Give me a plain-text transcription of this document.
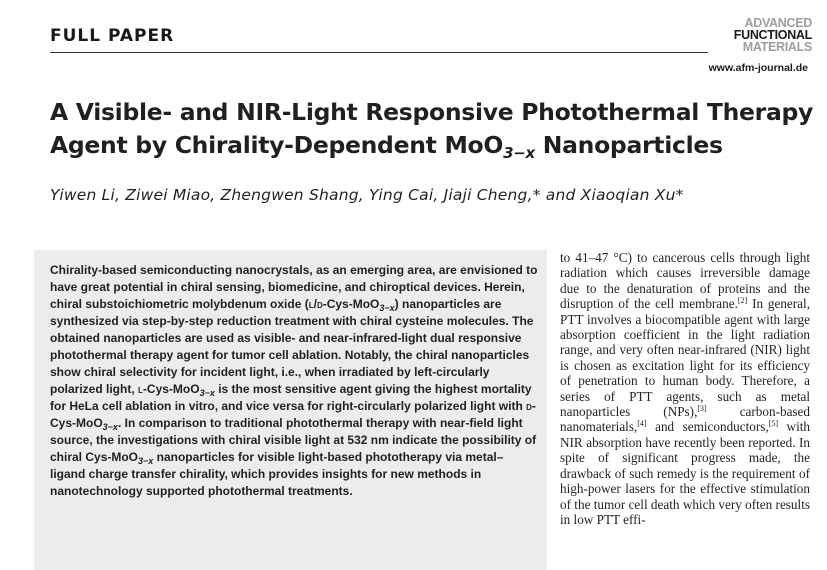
FULL PAPER
ADVANCED
FUNCTIONAL
MATERIALS
www.afm-journal.de
A Visible- and NIR-Light Responsive Photothermal Therapy
Agent by Chirality-Dependent MoO$_{3-x}$ Nanoparticles
Yiwen Li, Ziwei Miao, Zhengwen Shang, Ying Cai, Jiaji Cheng,* and Xiaoqian Xu*

Chirality-based semiconducting nanocrystals, as an emerging area, are envisioned to have great potential in chiral sensing, biomedicine, and chiroptical devices. Herein, chiral substoichiometric molybdenum oxide (l/d-Cys-MoO$_{3-x}$) nanoparticles are synthesized via step-by-step reduction treatment with chiral cysteine molecules. The obtained nanoparticles are used as visible- and near-infrared-light dual responsive photothermal therapy agent for tumor cell ablation. Notably, the chiral nanoparticles show chiral selectivity for incident light, i.e., when irradiated by left-circularly polarized light, l-Cys-MoO$_{3-x}$ is the most sensitive agent giving the highest mortality for HeLa cell ablation in vitro, and vice versa for right-circularly polarized light with d-Cys-MoO$_{3-x}$. In comparison to traditional photothermal therapy with near-field light source, the investigations with chiral visible light at 532 nm indicate the possibility of chiral Cys-MoO$_{3-x}$ nanoparticles for visible light-based phototherapy via metal–ligand charge transfer chirality, which provides insights for new methods in nanotechnology supported photothermal treatments.

to 41–47 °C) to cancerous cells through light radiation which causes irreversible damage due to the denaturation of proteins and the disruption of the cell membrane.[2] In general, PTT involves a biocompatible agent with large absorption coefficient in the light radiation range, and very often near-infrared (NIR) light is chosen as excitation light for its efficiency of penetration to human body. Therefore, a series of PTT agents, such as metal nanoparticles (NPs),[3] carbon-based nanomaterials,[4] and semiconductors,[5] with NIR absorption have recently been reported. In spite of significant progress made, the drawback of such remedy is the requirement of high-power lasers for the effective stimulation of the tumor cell death which very often results in low PTT effi-
